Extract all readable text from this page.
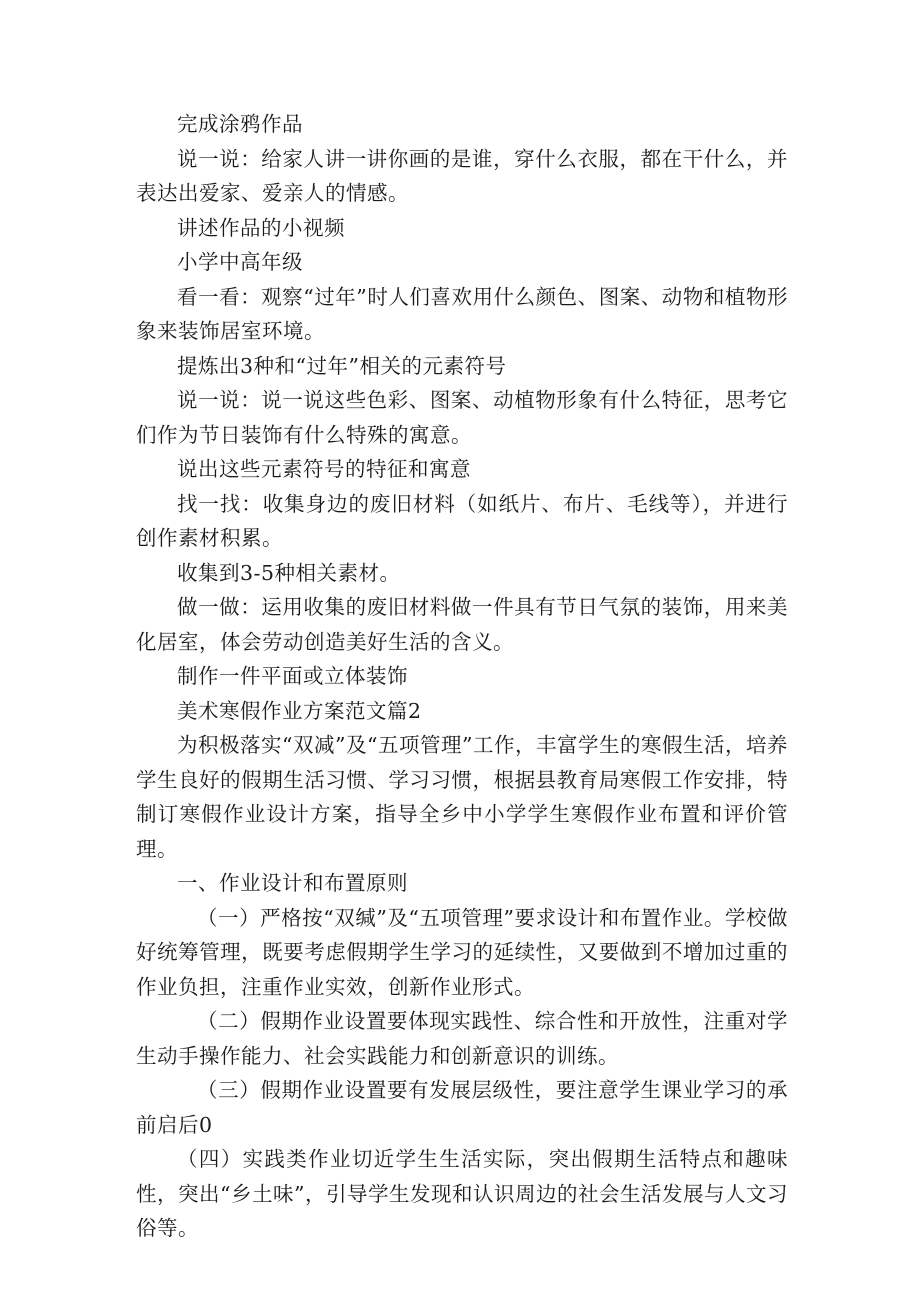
完成涂鸦作品

说一说：给家人讲一讲你画的是谁，穿什么衣服，都在干什么，并表达出爱家、爱亲人的情感。

讲述作品的小视频

小学中高年级

看一看：观察“过年”时人们喜欢用什么颜色、图案、动物和植物形象来装饰居室环境。

提炼出3种和“过年”相关的元素符号

说一说：说一说这些色彩、图案、动植物形象有什么特征，思考它们作为节日装饰有什么特殊的寓意。

说出这些元素符号的特征和寓意

找一找：收集身边的废旧材料（如纸片、布片、毛线等），并进行创作素材积累。

收集到3-5种相关素材。

做一做：运用收集的废旧材料做一件具有节日气氛的装饰，用来美化居室，体会劳动创造美好生活的含义。

制作一件平面或立体装饰

美术寒假作业方案范文篇2

为积极落实“双减”及“五项管理”工作，丰富学生的寒假生活，培养学生良好的假期生活习惯、学习习惯，根据县教育局寒假工作安排，特制订寒假作业设计方案，指导全乡中小学学生寒假作业布置和评价管理。

一、作业设计和布置原则

（一）严格按“双缄”及“五项管理”要求设计和布置作业。学校做好统筹管理，既要考虑假期学生学习的延续性，又要做到不增加过重的作业负担，注重作业实效，创新作业形式。

（二）假期作业设置要体现实践性、综合性和开放性，注重对学生动手操作能力、社会实践能力和创新意识的训练。

（三）假期作业设置要有发展层级性，要注意学生课业学习的承前启后0

（四）实践类作业切近学生生活实际，突出假期生活特点和趣味性，突出“乡土味”，引导学生发现和认识周边的社会生活发展与人文习俗等。
